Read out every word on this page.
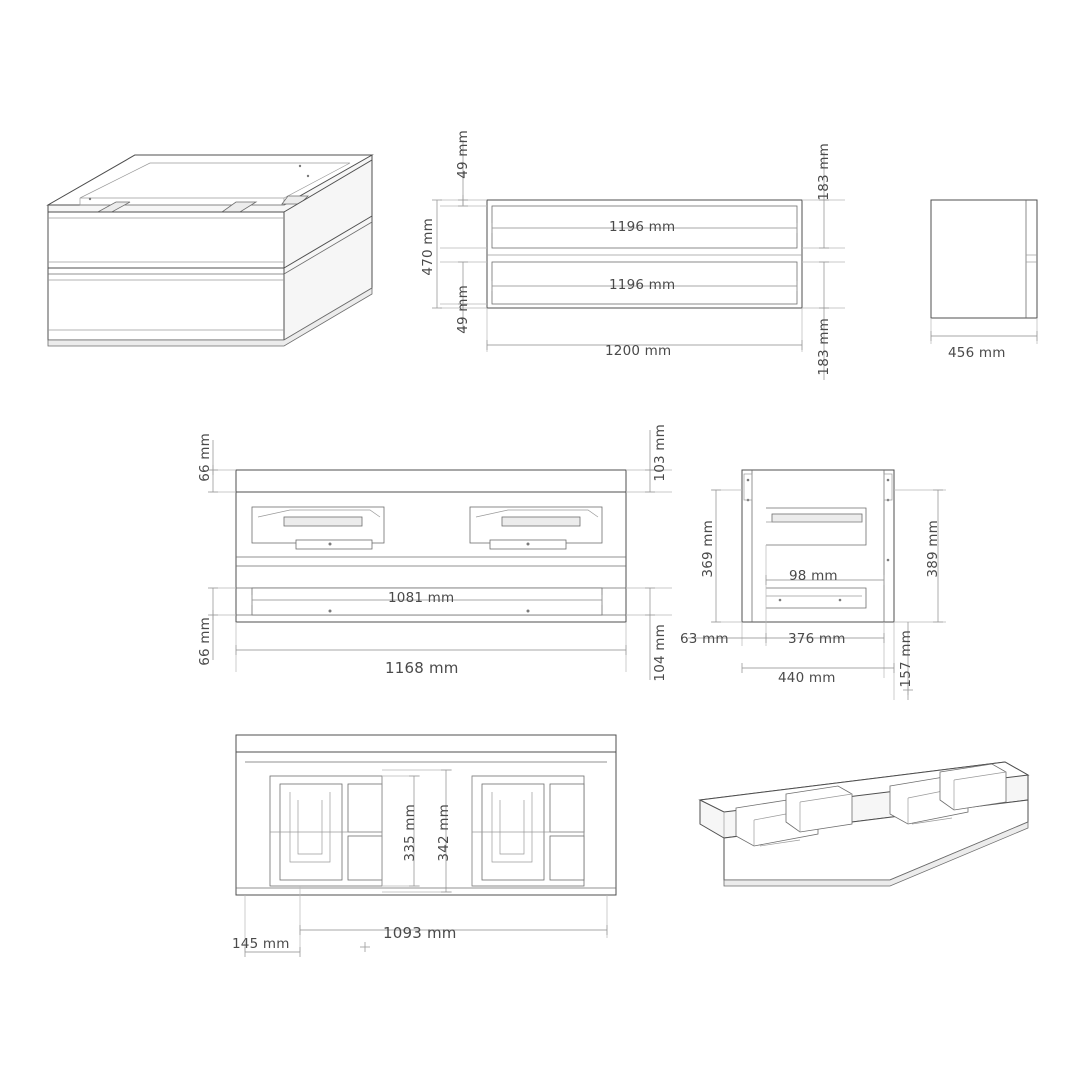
1196 mm
1196 mm
1200 mm
470 mm
49 mm
49 mm
183 mm
183 mm	456 mm
1081 mm
1168 mm
66 mm
66 mm
103 mm
104 mm
369 mm	389 mm
98 mm
63 mm	376 mm
440 mm	157 mm
335 mm 342 mm
145 mm
1093 mm
